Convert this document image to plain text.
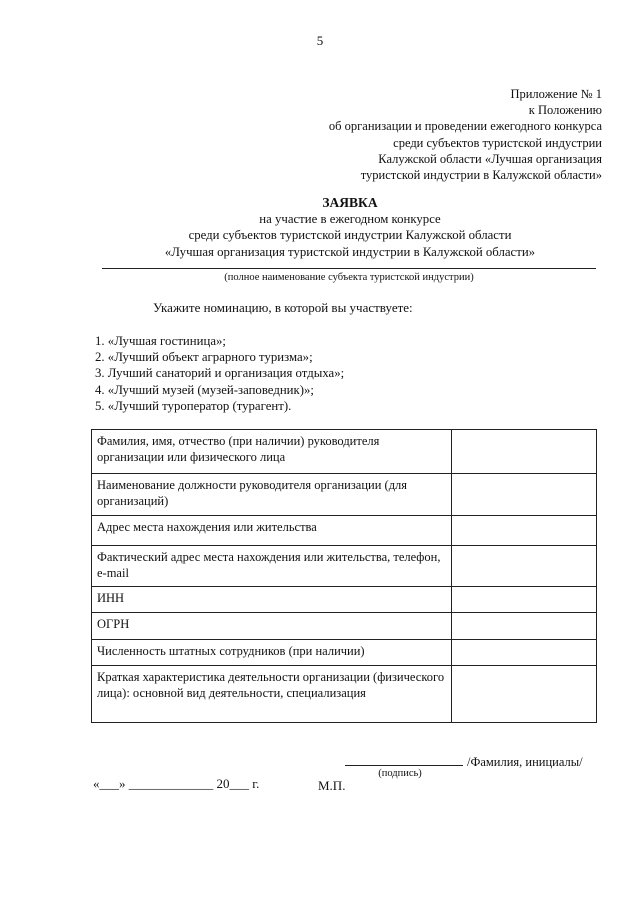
5
Приложение № 1
к Положению
об организации и проведении ежегодного конкурса
среди субъектов туристской индустрии
Калужской области «Лучшая организация
туристской индустрии в Калужской области»
ЗАЯВКА
на участие в ежегодном конкурсе
среди субъектов туристской индустрии Калужской области
«Лучшая организация туристской индустрии в Калужской области»
(полное наименование субъекта туристской индустрии)
Укажите номинацию, в которой вы участвуете:
1. «Лучшая гостиница»;
2. «Лучший объект аграрного туризма»;
3. Лучший санаторий и организация отдыха»;
4. «Лучший музей (музей-заповедник)»;
5. «Лучший туроператор (турагент).
Фамилия, имя, отчество (при наличии) руководителя организации или физического лица	
Наименование должности руководителя организации (для организаций)	
Адрес места нахождения или жительства	
Фактический адрес места нахождения или жительства, телефон, e-mail	
ИНН	
ОГРН	
Численность штатных сотрудников (при наличии)	
Краткая характеристика деятельности организации (физического лица): основной вид деятельности, специализация	
/Фамилия, инициалы/
(подпись)
«___» _____________ 20___ г.	М.П.
